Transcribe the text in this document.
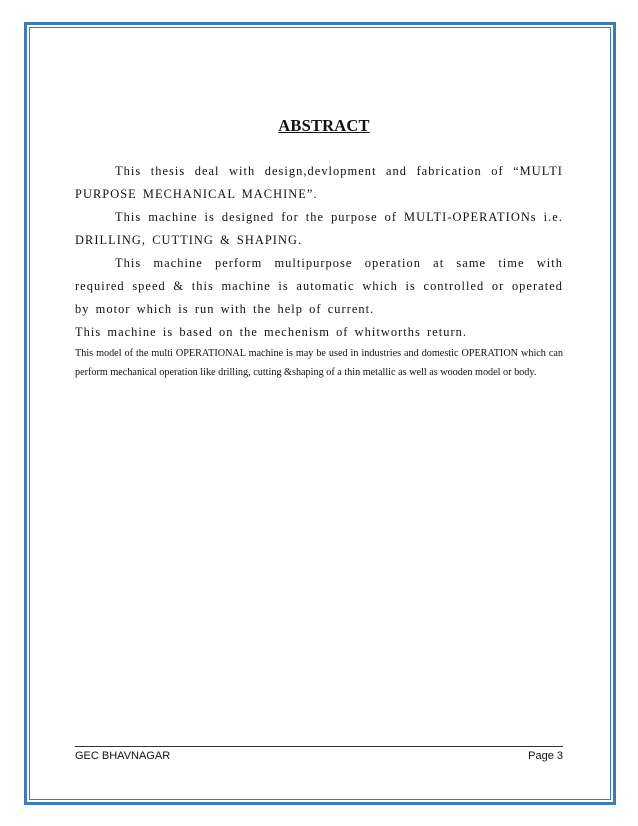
ABSTRACT

This thesis deal with design,devlopment and fabrication of “MULTI PURPOSE MECHANICAL MACHINE”.

This machine is designed for the purpose of MULTI-OPERATIONs i.e. DRILLING, CUTTING & SHAPING.

This machine perform multipurpose operation at same time with required speed & this machine is automatic which is controlled or operated by motor which is run with the help of current.

This machine is based on the mechenism of whitworths return.

This model of the multi OPERATIONAL machine is may be used in industries and domestic OPERATION which can perform mechanical operation like drilling, cutting &shaping of a thin metallic as well as wooden model or body.

GEC BHAVNAGAR	Page 3
